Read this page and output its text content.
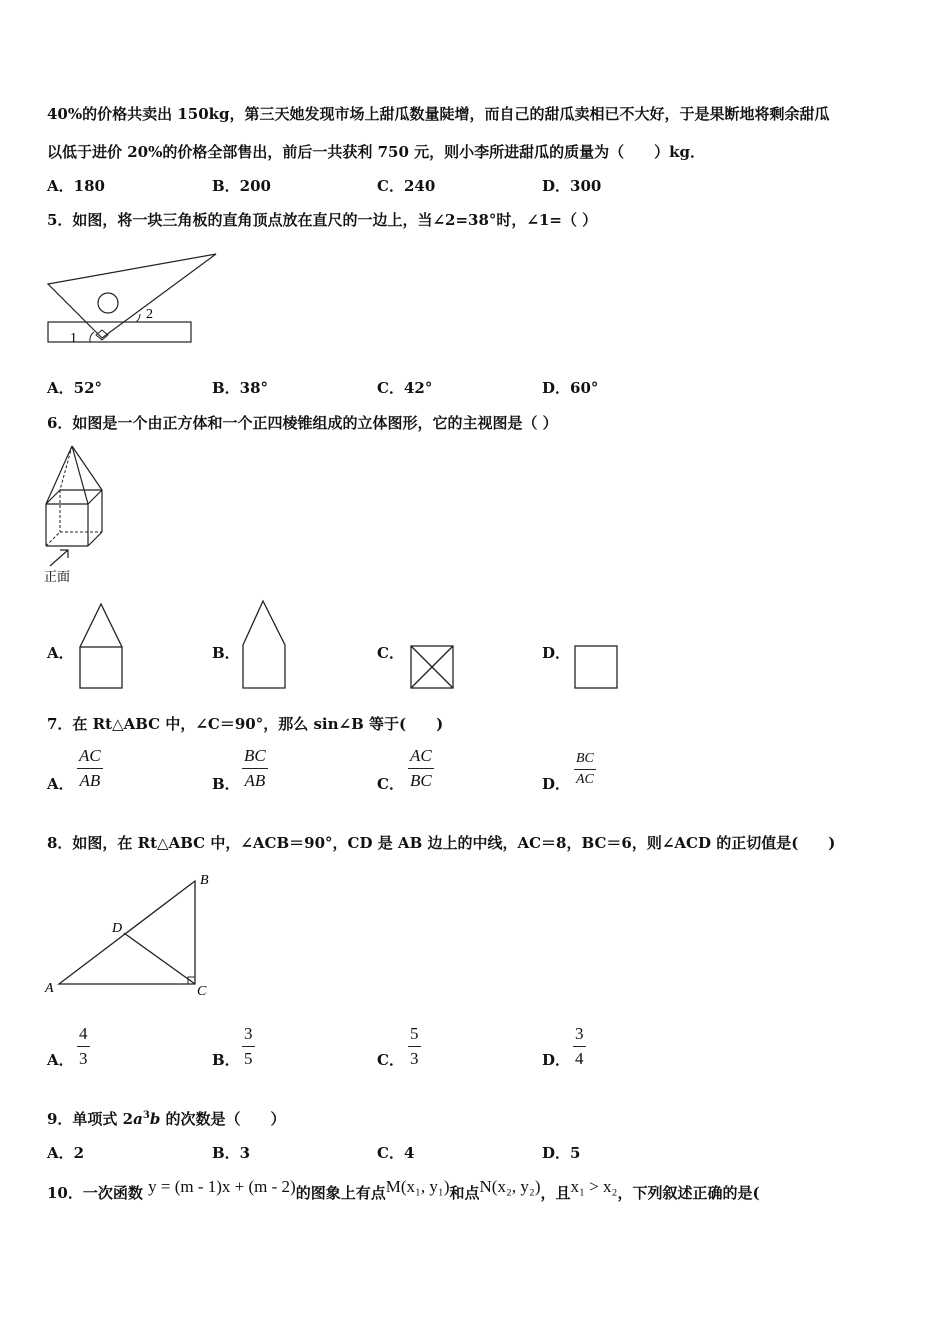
40%的价格共卖出 150kg，第三天她发现市场上甜瓜数量陡增，而自己的甜瓜卖相已不大好，于是果断地将剩余甜瓜
以低于进价 20%的价格全部售出，前后一共获利 750 元，则小李所进甜瓜的质量为（　　）kg．
A．180	B．200	C．240	D．300
5．如图，将一块三角板的直角顶点放在直尺的一边上，当∠2=38°时，∠1=（ ）
1
2
A．52°	B．38°	C．42°	D．60°
6．如图是一个由正方体和一个正四棱锥组成的立体图形，它的主视图是（ ）
正面
A．	B．	C．	D．
7．在 Rt△ABC 中，∠C＝90°，那么 sin∠B 等于(　　)
A． $\frac{AC}{AB}$	B． $\frac{BC}{AB}$	C． $\frac{AC}{BC}$	D． $\frac{BC}{AC}$
8．如图，在 Rt△ABC 中，∠ACB＝90°，CD 是 AB 边上的中线，AC＝8，BC＝6，则∠ACD 的正切值是(　　)
A
B
C
D
A． $\frac{4}{3}$	B． $\frac{3}{5}$	C． $\frac{5}{3}$	D． $\frac{3}{4}$
9．单项式 $2a^3b$ 的次数是（　　）
A．2	B．3	C．4	D．5
10．一次函数 y = (m - 1)x + (m - 2)的图象上有点M(x₁, y₁)和点N(x₂, y₂)，且x₁ > x₂，下列叙述正确的是(
